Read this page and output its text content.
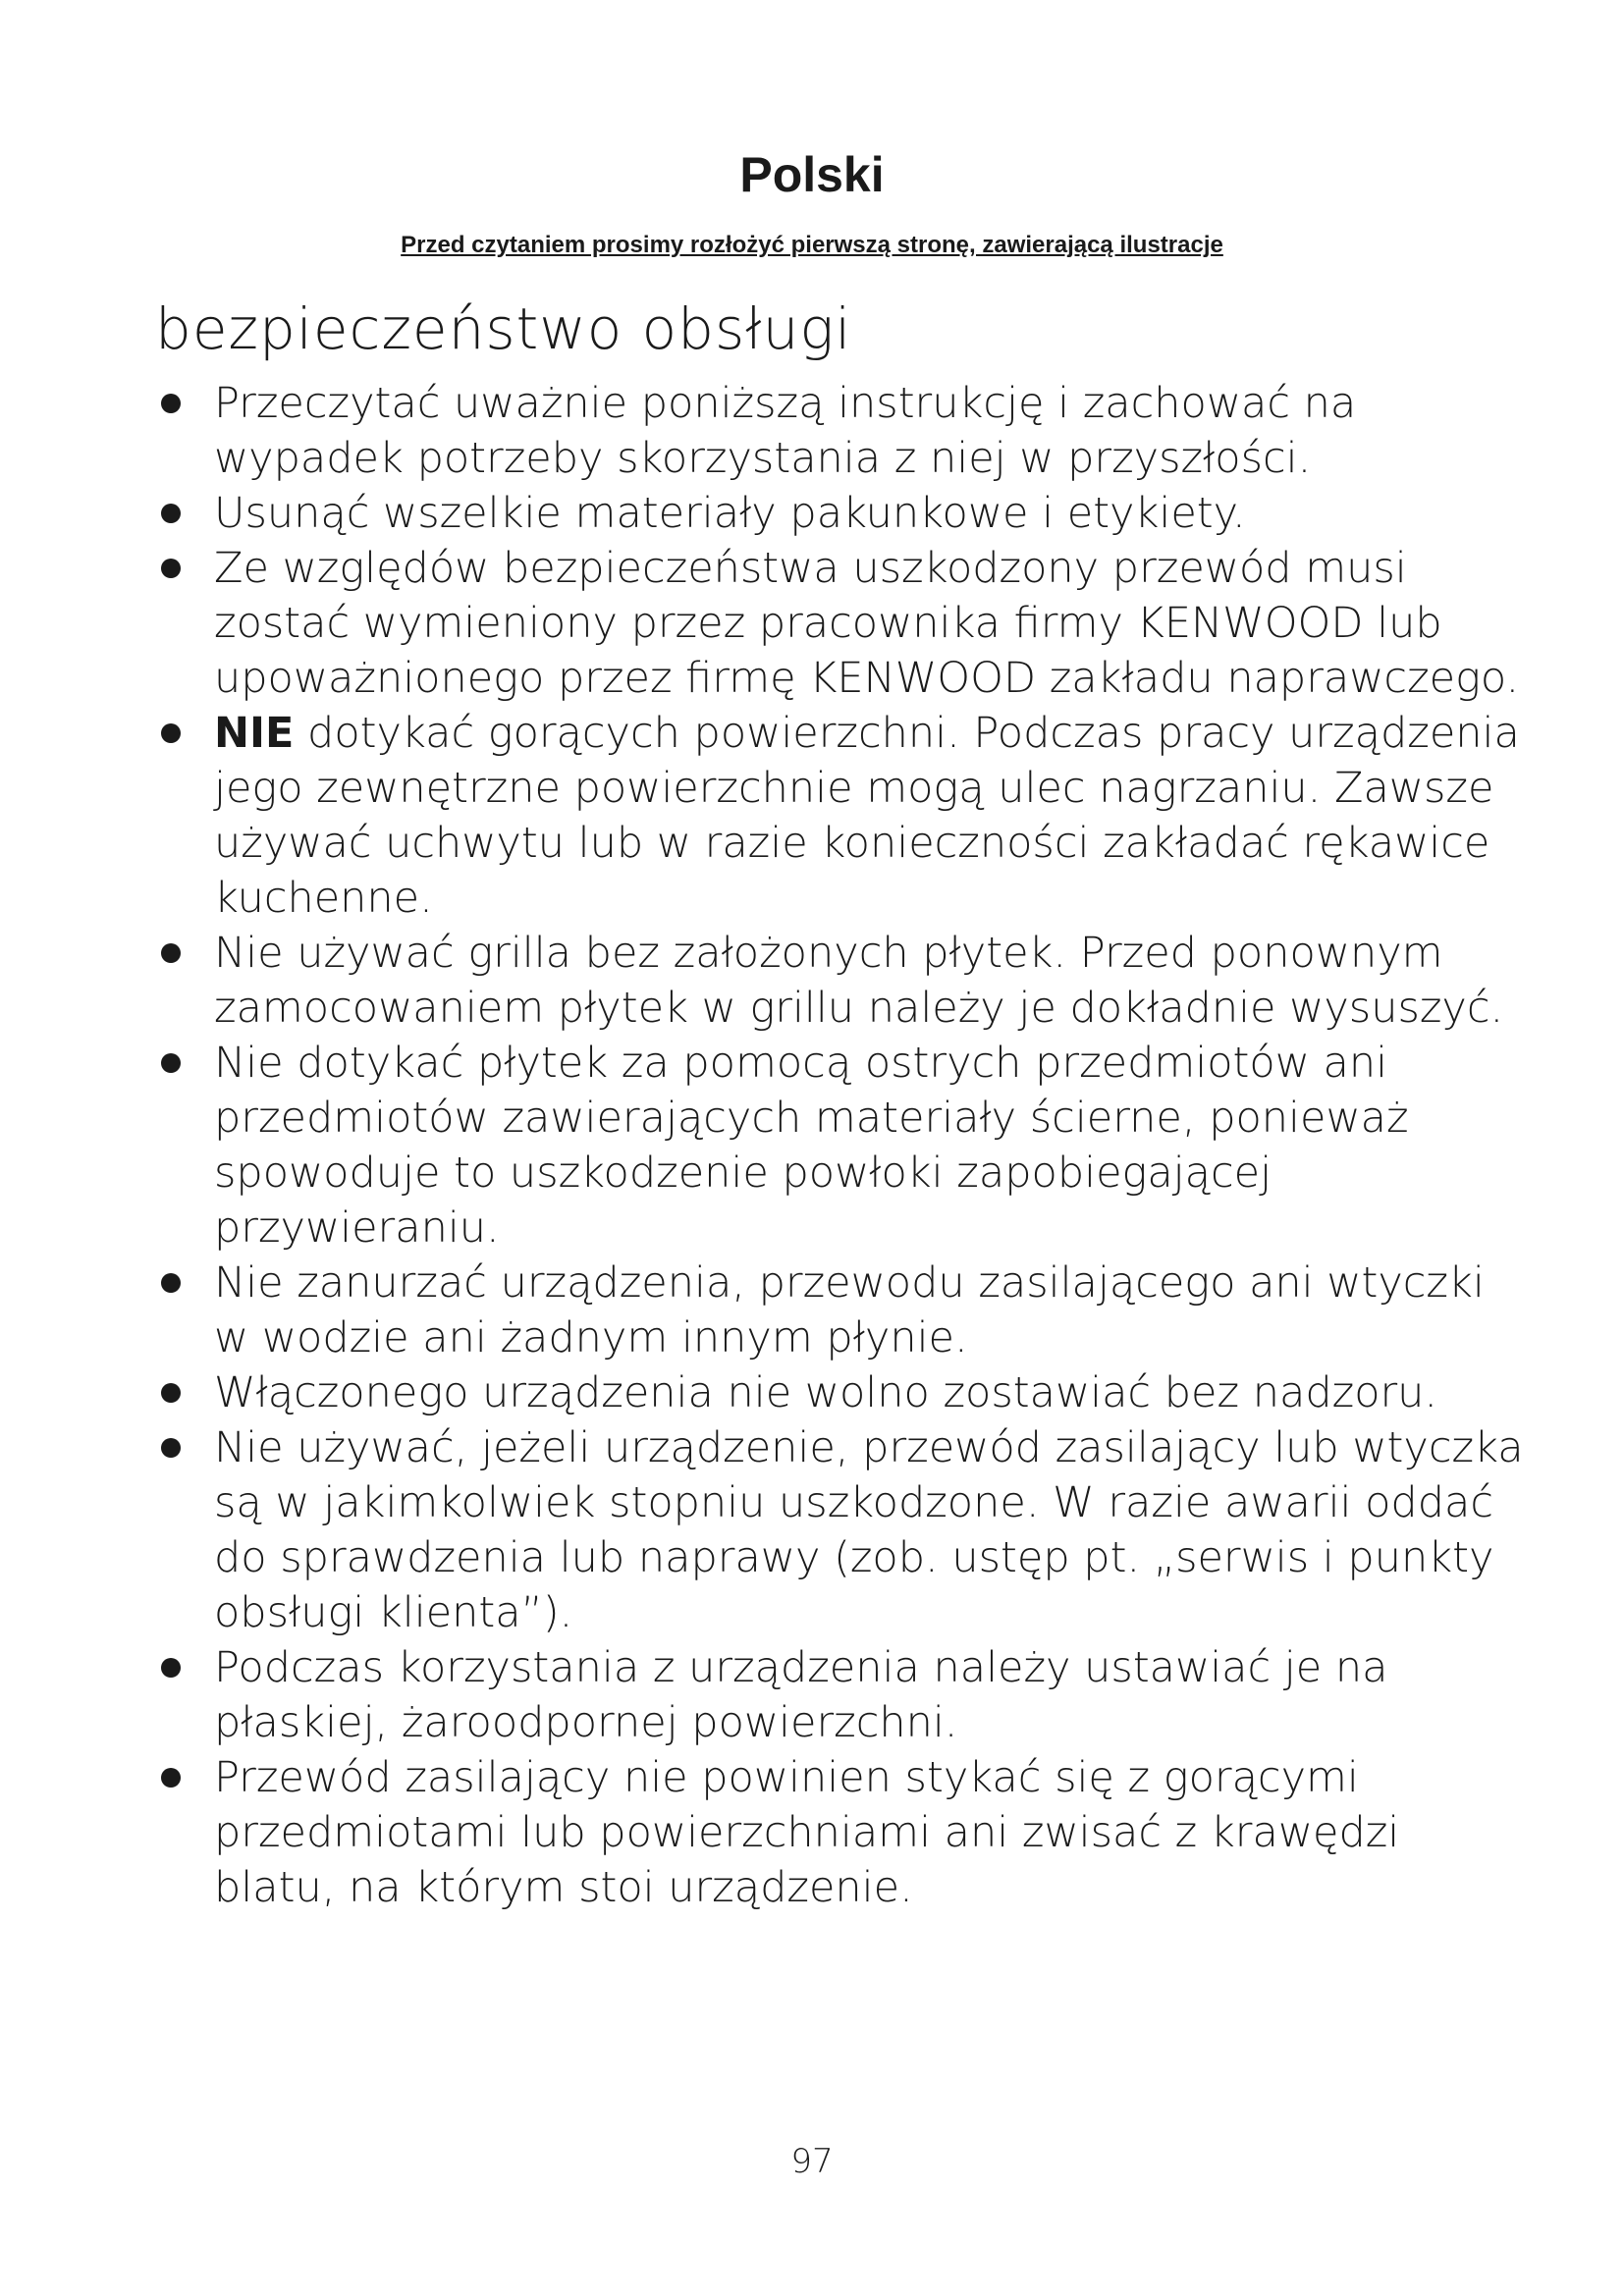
Polski
Przed czytaniem prosimy rozłożyć pierwszą stronę, zawierającą ilustracje
bezpieczeństwo obsługi
Przeczytać uważnie poniższą instrukcję i zachować na wypadek potrzeby skorzystania z niej w przyszłości.
Usunąć wszelkie materiały pakunkowe i etykiety.
Ze względów bezpieczeństwa uszkodzony przewód musi zostać wymieniony przez pracownika firmy KENWOOD lub upoważnionego przez firmę KENWOOD zakładu naprawczego.
NIE dotykać gorących powierzchni. Podczas pracy urządzenia jego zewnętrzne powierzchnie mogą ulec nagrzaniu. Zawsze używać uchwytu lub w razie konieczności zakładać rękawice kuchenne.
Nie używać grilla bez założonych płytek. Przed ponownym zamocowaniem płytek w grillu należy je dokładnie wysuszyć.
Nie dotykać płytek za pomocą ostrych przedmiotów ani przedmiotów zawierających materiały ścierne, ponieważ spowoduje to uszkodzenie powłoki zapobiegającej przywieraniu.
Nie zanurzać urządzenia, przewodu zasilającego ani wtyczki w wodzie ani żadnym innym płynie.
Włączonego urządzenia nie wolno zostawiać bez nadzoru.
Nie używać, jeżeli urządzenie, przewód zasilający lub wtyczka są w jakimkolwiek stopniu uszkodzone. W razie awarii oddać do sprawdzenia lub naprawy (zob. ustęp pt. „serwis i punkty obsługi klienta”).
Podczas korzystania z urządzenia należy ustawiać je na płaskiej, żaroodpornej powierzchni.
Przewód zasilający nie powinien stykać się z gorącymi przedmiotami lub powierzchniami ani zwisać z krawędzi blatu, na którym stoi urządzenie.
97
